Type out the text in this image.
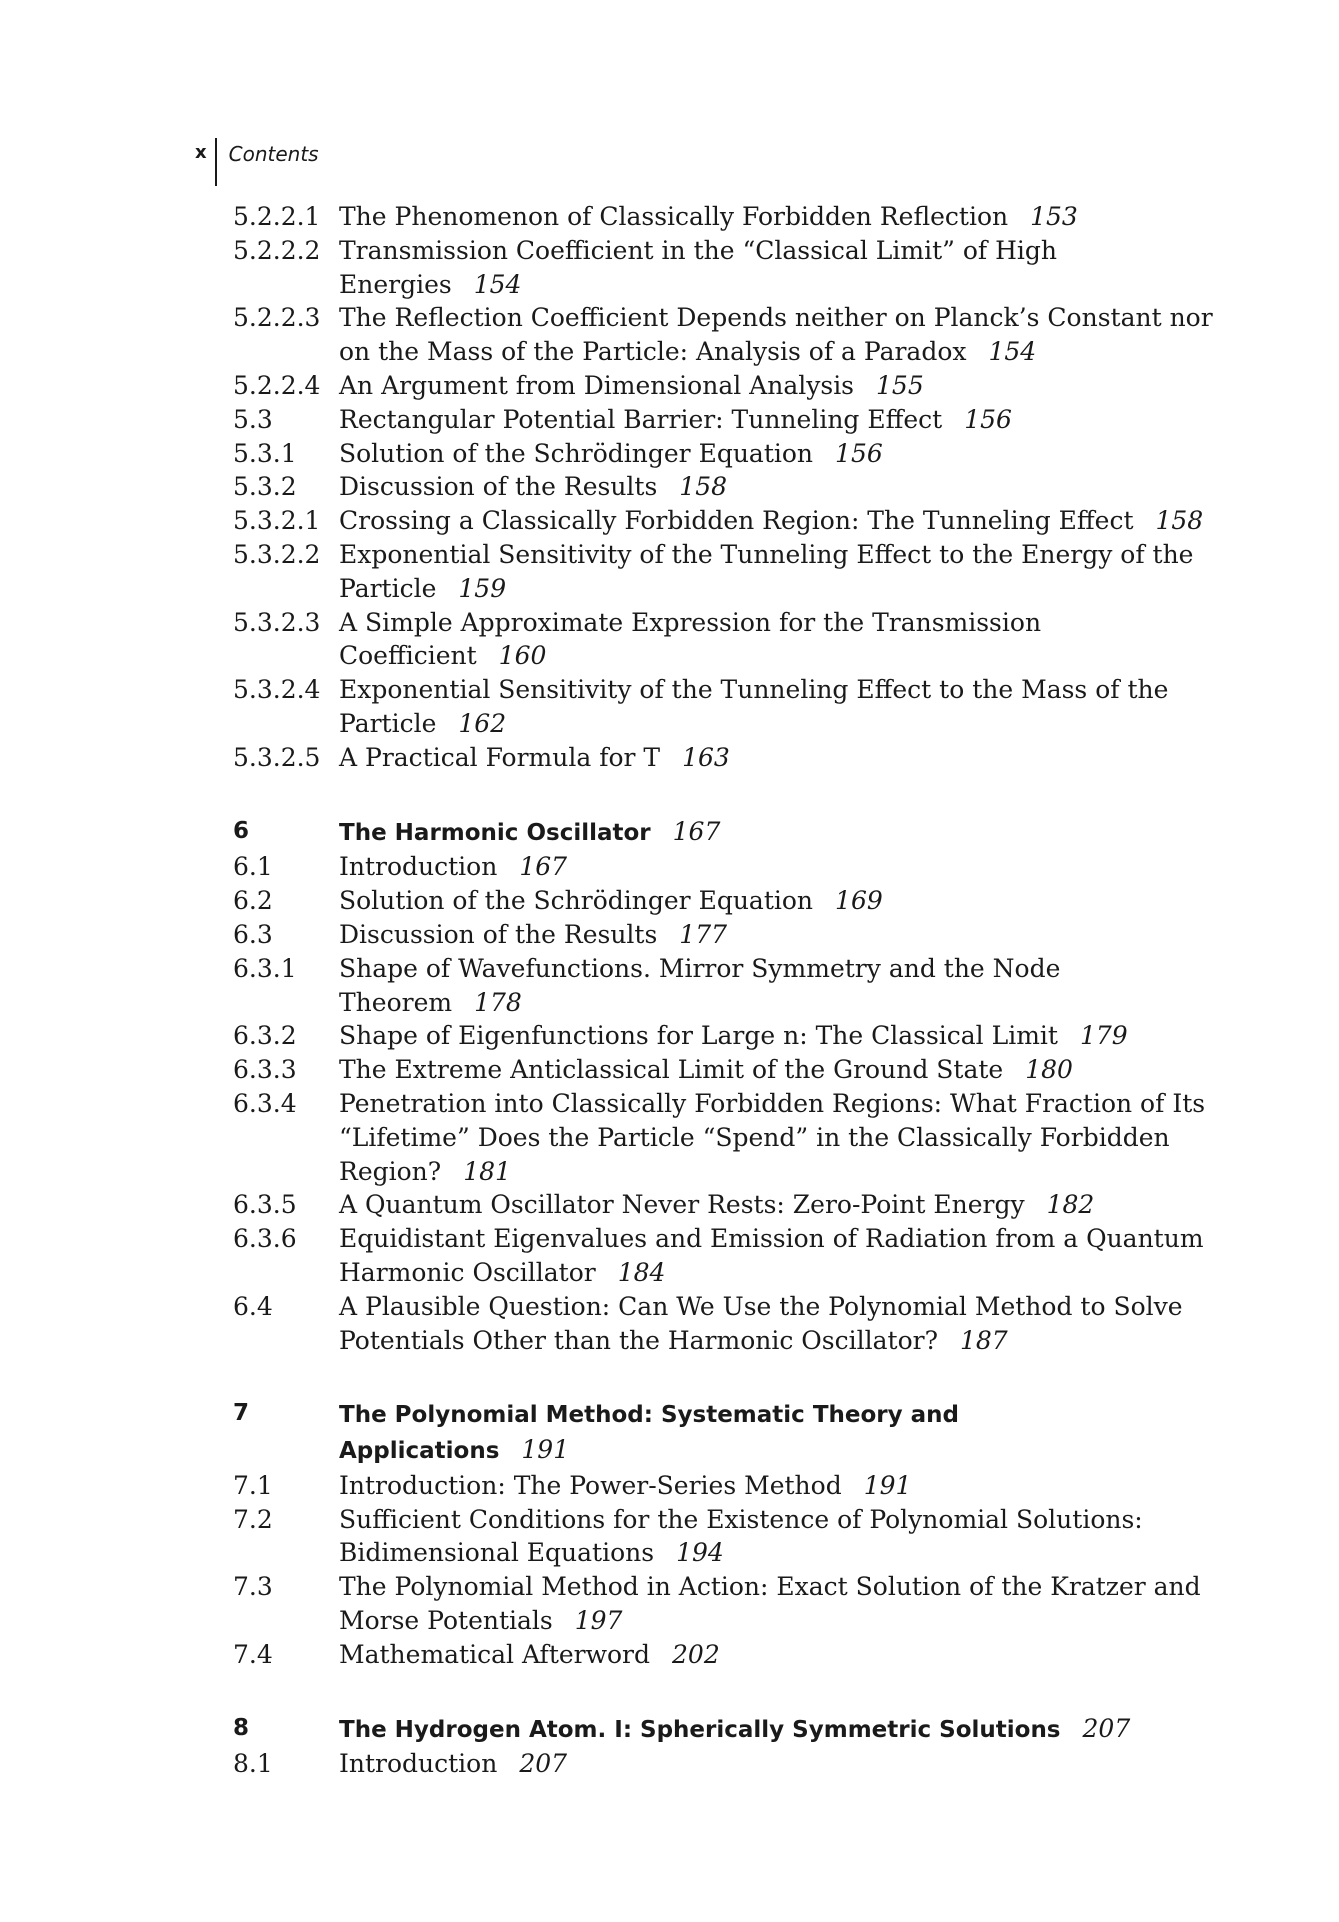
x Contents
5.2.2.1 The Phenomenon of Classically Forbidden Reflection 153
5.2.2.2 Transmission Coefficient in the “Classical Limit” of High
Energies 154
5.2.2.3 The Reflection Coefficient Depends neither on Planck’s Constant nor
on the Mass of the Particle: Analysis of a Paradox 154
5.2.2.4 An Argument from Dimensional Analysis 155
5.3	Rectangular Potential Barrier: Tunneling Effect 156
5.3.1	Solution of the Schrödinger Equation 156
5.3.2	Discussion of the Results 158
5.3.2.1 Crossing a Classically Forbidden Region: The Tunneling Effect 158
5.3.2.2 Exponential Sensitivity of the Tunneling Effect to the Energy of the
Particle 159
5.3.2.3 A Simple Approximate Expression for the Transmission
Coefficient 160
5.3.2.4 Exponential Sensitivity of the Tunneling Effect to the Mass of the
Particle 162
5.3.2.5 A Practical Formula for T 163
6	The Harmonic Oscillator 167
6.1	Introduction 167
6.2	Solution of the Schrödinger Equation 169
6.3	Discussion of the Results 177
6.3.1	Shape of Wavefunctions. Mirror Symmetry and the Node
Theorem 178
6.3.2	Shape of Eigenfunctions for Large n: The Classical Limit 179
6.3.3	The Extreme Anticlassical Limit of the Ground State 180
6.3.4	Penetration into Classically Forbidden Regions: What Fraction of Its
“Lifetime” Does the Particle “Spend” in the Classically Forbidden
Region? 181
6.3.5	A Quantum Oscillator Never Rests: Zero-Point Energy 182
6.3.6	Equidistant Eigenvalues and Emission of Radiation from a Quantum
Harmonic Oscillator 184
6.4	A Plausible Question: Can We Use the Polynomial Method to Solve
Potentials Other than the Harmonic Oscillator? 187
7	The Polynomial Method: Systematic Theory and
Applications 191
7.1	Introduction: The Power-Series Method 191
7.2	Sufficient Conditions for the Existence of Polynomial Solutions:
Bidimensional Equations 194
7.3	The Polynomial Method in Action: Exact Solution of the Kratzer and
Morse Potentials 197
7.4	Mathematical Afterword 202
8	The Hydrogen Atom. I: Spherically Symmetric Solutions 207
8.1	Introduction 207
